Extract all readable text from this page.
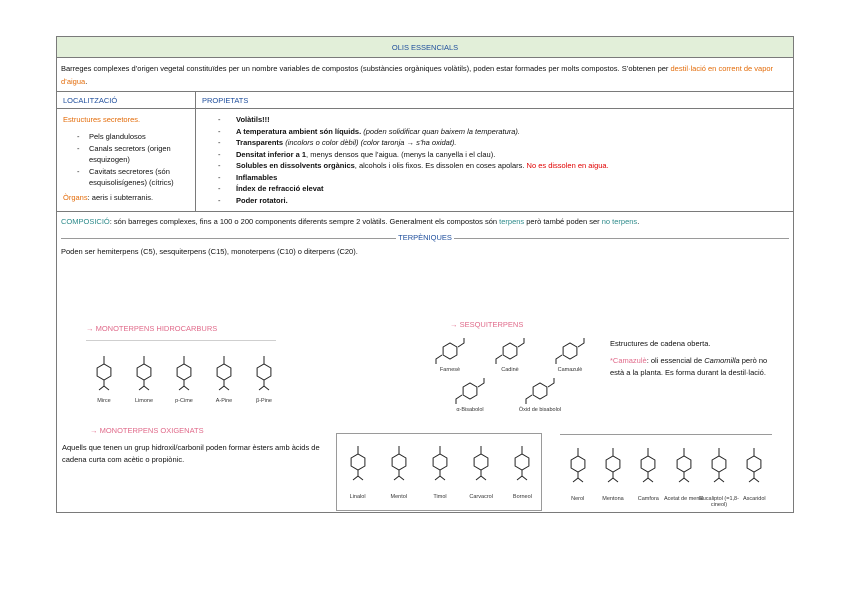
OLIS ESSENCIALS
Barreges complexes d’origen vegetal constituïdes per un nombre variables de compostos (substàncies orgàniques volàtils), poden estar formades per molts compostos. S’obtenen per destil·lació en corrent de vapor d’aigua.
LOCALITZACIÓ
Estructures secretores.
- Pels glandulosos
- Canals secretors (origen esquizogen)
- Cavitats secretores (són esquisolisígenes) (cítrics)
Òrgans: aeris i subterranis.
PROPIETATS
- Volàtils!!!
- A temperatura ambient són líquids. (poden solidificar quan baixem la temperatura).
- Transparents (incolors o color dèbil) (color taronja → s’ha oxidat).
- Densitat inferior a 1, menys densos que l’aigua. (menys la canyella i el clau).
- Solubles en dissolvents orgànics, alcohols i olis fixos. Es dissolen en coses apolars. No es dissolen en aigua.
- Inflamables
- Índex de refracció elevat
- Poder rotatori.
COMPOSICIÓ: són barreges complexes, fins a 100 o 200 components diferents sempre 2 volàtils. Generalment els compostos són terpens però també poden ser no terpens.
TERPÈNIQUES
Poden ser hemiterpens (C5), sesquiterpens (C15), monoterpens (C10) o diterpens (C20).
→ MONOTERPENS HIDROCARBURS
Mirce	Limone	p-Cime	A-Pine	β-Pine
→ MONOTERPENS OXIGENATS
Aquells que tenen un grup hidroxil/carbonil poden formar èsters amb àcids de cadena curta com acètic o propiònic.
Linalol	Mentol	Timol	Carvacrol	Borneol	Nerol	Mentona	Camfora Acetat de mentil
Eucaliptol (=1,8-cineol)
Ascaridol
→ SESQUITERPENS
Farnesè	Cadinè	Camazulè
α-Bisabolol	Òxid de bisabolol
Estructures de cadena oberta.
*Camazulè: oli essencial de Camomilla però no està a la planta. Es forma durant la destil·lació.
